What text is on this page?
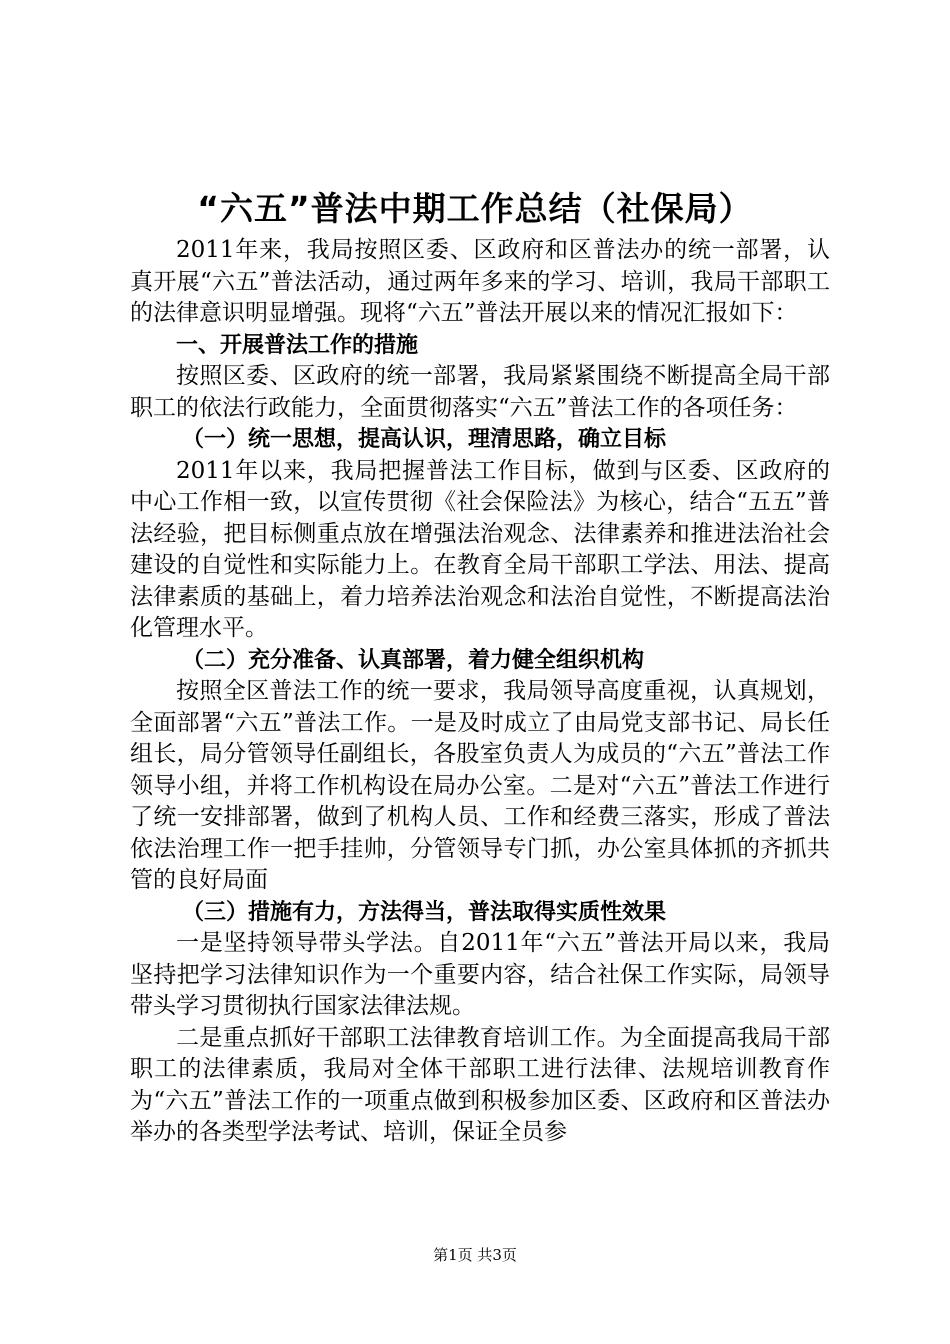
“六五”普法中期工作总结（社保局）

2011年来，我局按照区委、区政府和区普法办的统一部署，认真开展“六五”普法活动，通过两年多来的学习、培训，我局干部职工的法律意识明显增强。现将“六五”普法开展以来的情况汇报如下：

一、开展普法工作的措施

按照区委、区政府的统一部署，我局紧紧围绕不断提高全局干部职工的依法行政能力，全面贯彻落实“六五”普法工作的各项任务：

（一）统一思想，提高认识，理清思路，确立目标

2011年以来，我局把握普法工作目标，做到与区委、区政府的中心工作相一致，以宣传贯彻《社会保险法》为核心，结合“五五”普法经验，把目标侧重点放在增强法治观念、法律素养和推进法治社会建设的自觉性和实际能力上。在教育全局干部职工学法、用法、提高法律素质的基础上，着力培养法治观念和法治自觉性，不断提高法治化管理水平。

（二）充分准备、认真部署，着力健全组织机构

按照全区普法工作的统一要求，我局领导高度重视，认真规划，全面部署“六五”普法工作。一是及时成立了由局党支部书记、局长任组长，局分管领导任副组长，各股室负责人为成员的“六五”普法工作领导小组，并将工作机构设在局办公室。二是对“六五”普法工作进行了统一安排部署，做到了机构人员、工作和经费三落实，形成了普法依法治理工作一把手挂帅，分管领导专门抓，办公室具体抓的齐抓共管的良好局面

（三）措施有力，方法得当，普法取得实质性效果

一是坚持领导带头学法。自2011年“六五”普法开局以来，我局坚持把学习法律知识作为一个重要内容，结合社保工作实际，局领导带头学习贯彻执行国家法律法规。

二是重点抓好干部职工法律教育培训工作。为全面提高我局干部职工的法律素质，我局对全体干部职工进行法律、法规培训教育作为“六五”普法工作的一项重点做到积极参加区委、区政府和区普法办举办的各类型学法考试、培训，保证全员参

第1页 共3页
